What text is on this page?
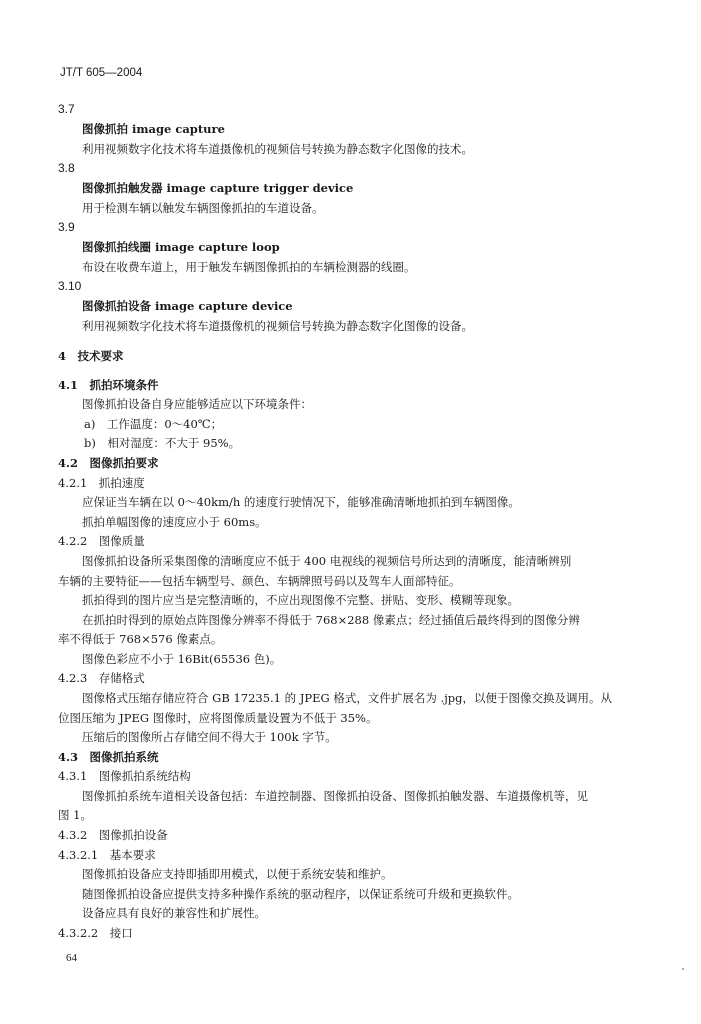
JT/T 605—2004
3.7
图像抓拍 image capture
利用视频数字化技术将车道摄像机的视频信号转换为静态数字化图像的技术。
3.8
图像抓拍触发器 image capture trigger device
用于检测车辆以触发车辆图像抓拍的车道设备。
3.9
图像抓拍线圈 image capture loop
布设在收费车道上，用于触发车辆图像抓拍的车辆检测器的线圈。
3.10
图像抓拍设备 image capture device
利用视频数字化技术将车道摄像机的视频信号转换为静态数字化图像的设备。
4　技术要求
4.1　抓拍环境条件
图像抓拍设备自身应能够适应以下环境条件：
a)　工作温度：0～40℃；
b)　相对湿度：不大于 95%。
4.2　图像抓拍要求
4.2.1　抓拍速度
应保证当车辆在以 0～40km/h 的速度行驶情况下，能够准确清晰地抓拍到车辆图像。
抓拍单幅图像的速度应小于 60ms。
4.2.2　图像质量
图像抓拍设备所采集图像的清晰度应不低于 400 电视线的视频信号所达到的清晰度，能清晰辨别
车辆的主要特征——包括车辆型号、颜色、车辆牌照号码以及驾车人面部特征。
抓拍得到的图片应当是完整清晰的，不应出现图像不完整、拼贴、变形、模糊等现象。
在抓拍时得到的原始点阵图像分辨率不得低于 768×288 像素点；经过插值后最终得到的图像分辨
率不得低于 768×576 像素点。
图像色彩应不小于 16Bit(65536 色)。
4.2.3　存储格式
图像格式压缩存储应符合 GB 17235.1 的 JPEG 格式，文件扩展名为 .jpg，以便于图像交换及调用。从
位图压缩为 JPEG 图像时，应将图像质量设置为不低于 35%。
压缩后的图像所占存储空间不得大于 100k 字节。
4.3　图像抓拍系统
4.3.1　图像抓拍系统结构
图像抓拍系统车道相关设备包括：车道控制器、图像抓拍设备、图像抓拍触发器、车道摄像机等，见
图 1。
4.3.2　图像抓拍设备
4.3.2.1　基本要求
图像抓拍设备应支持即插即用模式，以便于系统安装和维护。
随图像抓拍设备应提供支持多种操作系统的驱动程序，以保证系统可升级和更换软件。
设备应具有良好的兼容性和扩展性。
4.3.2.2　接口
64
